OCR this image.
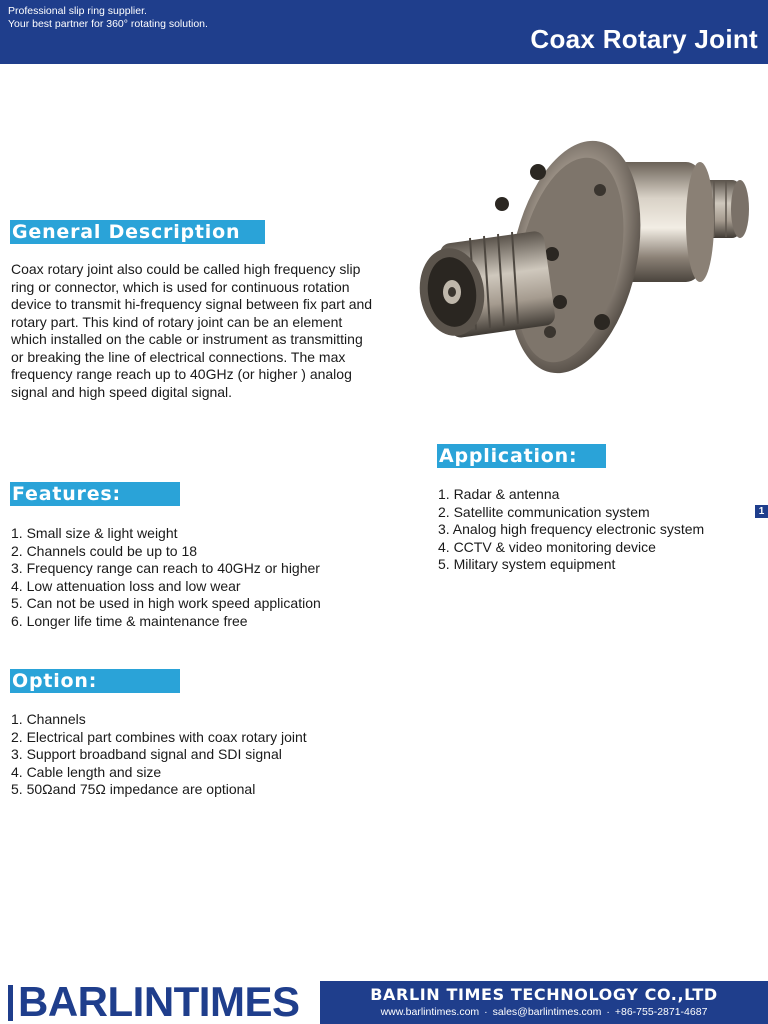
Professional slip ring supplier.
Your best partner for 360° rotating solution.	Coax Rotary Joint
General Description

Coax rotary joint also could be called high frequency slip ring or connector, which is used for continuous rotation device to transmit hi-frequency signal between fix part and rotary part. This kind of rotary joint can be an element which installed on the cable or instrument as transmitting or breaking the line of electrical connections. The max frequency range reach up to 40GHz (or higher ) analog signal and high speed digital signal.

Features:
1. Small size & light weight
2. Channels could be up to 18
3. Frequency range can reach to 40GHz or higher
4. Low attenuation loss and low wear
5. Can not be used in high work speed application
6. Longer life time & maintenance free
Option:
1. Channels
2. Electrical part combines with coax rotary joint
3. Support broadband signal and SDI signal
4. Cable length and size
5. 50Ωand 75Ω impedance are optional
Application:
1. Radar & antenna
2. Satellite communication system
3. Analog high frequency electronic system
4. CCTV & video monitoring device
5. Military system equipment
1
BARLINTIMES	BARLIN TIMES TECHNOLOGY CO.,LTD
www.barlintimes.com · sales@barlintimes.com · +86-755-2871-4687
